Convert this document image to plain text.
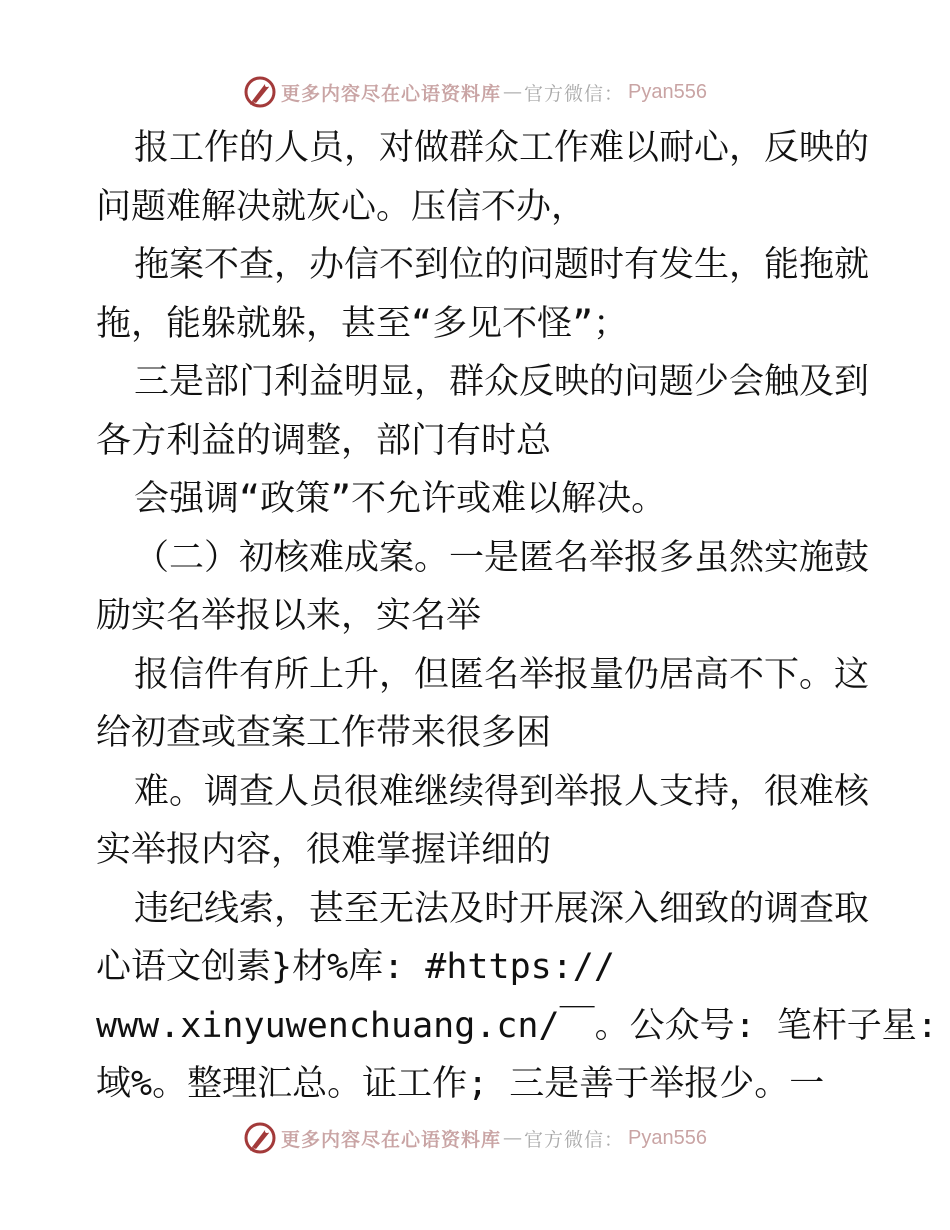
更多内容尽在心语资料库 — 官方微信： Pyan556
报工作的人员，对做群众工作难以耐心，反映的
问题难解决就灰心。压信不办，
拖案不查，办信不到位的问题时有发生，能拖就
拖，能躲就躲，甚至“多见不怪”；
三是部门利益明显，群众反映的问题少会触及到
各方利益的调整，部门有时总
会强调“政策”不允许或难以解决。
（二）初核难成案。一是匿名举报多虽然实施鼓
励实名举报以来，实名举
报信件有所上升，但匿名举报量仍居高不下。这
给初查或查案工作带来很多困
难。调查人员很难继续得到举报人支持，很难核
实举报内容，很难掌握详细的
违纪线索，甚至无法及时开展深入细致的调查取
心语文创素}材%库: #https://
www.xinyuwenchuang.cn/￣。公众号: 笔杆子星:
域%。整理汇总。证工作; 三是善于举报少。一
更多内容尽在心语资料库 — 官方微信： Pyan556
